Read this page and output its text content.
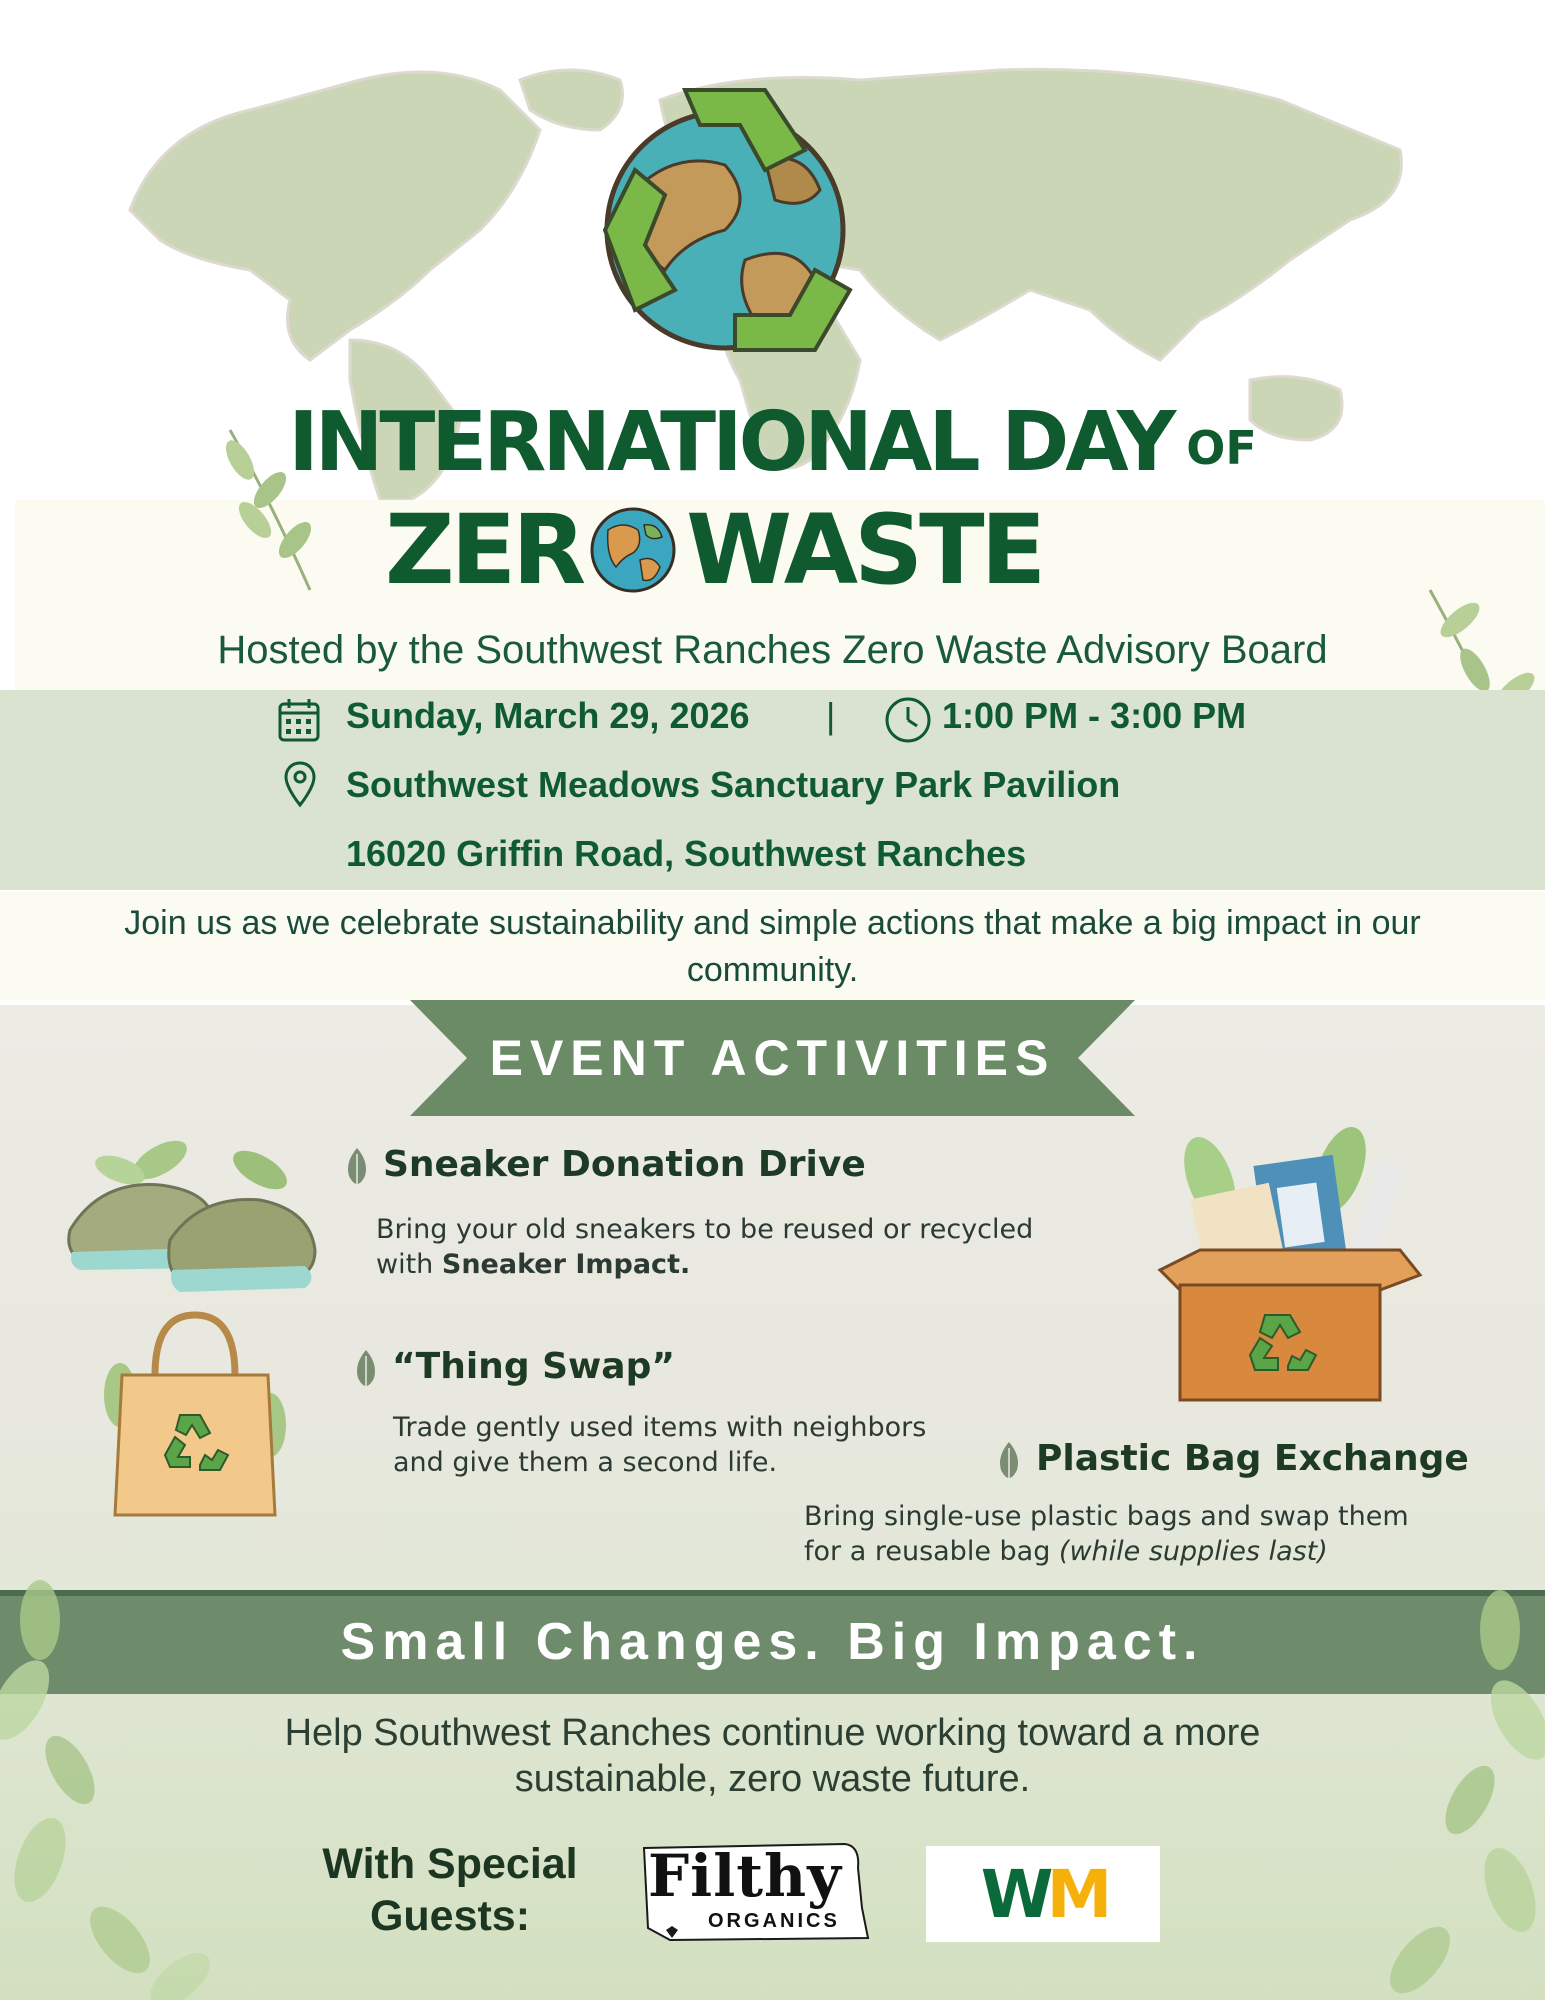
INTERNATIONAL DAY OF
ZER WASTE
Hosted by the Southwest Ranches Zero Waste Advisory Board
Sunday, March 29, 2026 |	1:00 PM - 3:00 PM
Southwest Meadows Sanctuary Park Pavilion
16020 Griffin Road, Southwest Ranches
Join us as we celebrate sustainability and simple actions that make a big impact in our community.
EVENT ACTIVITIES
Sneaker Donation Drive
Bring your old sneakers to be reused or recycled
with Sneaker Impact.
“Thing Swap”
Trade gently used items with neighbors
and give them a second life.	Plastic Bag Exchange
Bring single-use plastic bags and swap them
for a reusable bag (while supplies last)
Small Changes. Big Impact.
Help Southwest Ranches continue working toward a more sustainable, zero waste future.
With Special
Guests:
Filthy
ORGANICS	W M
